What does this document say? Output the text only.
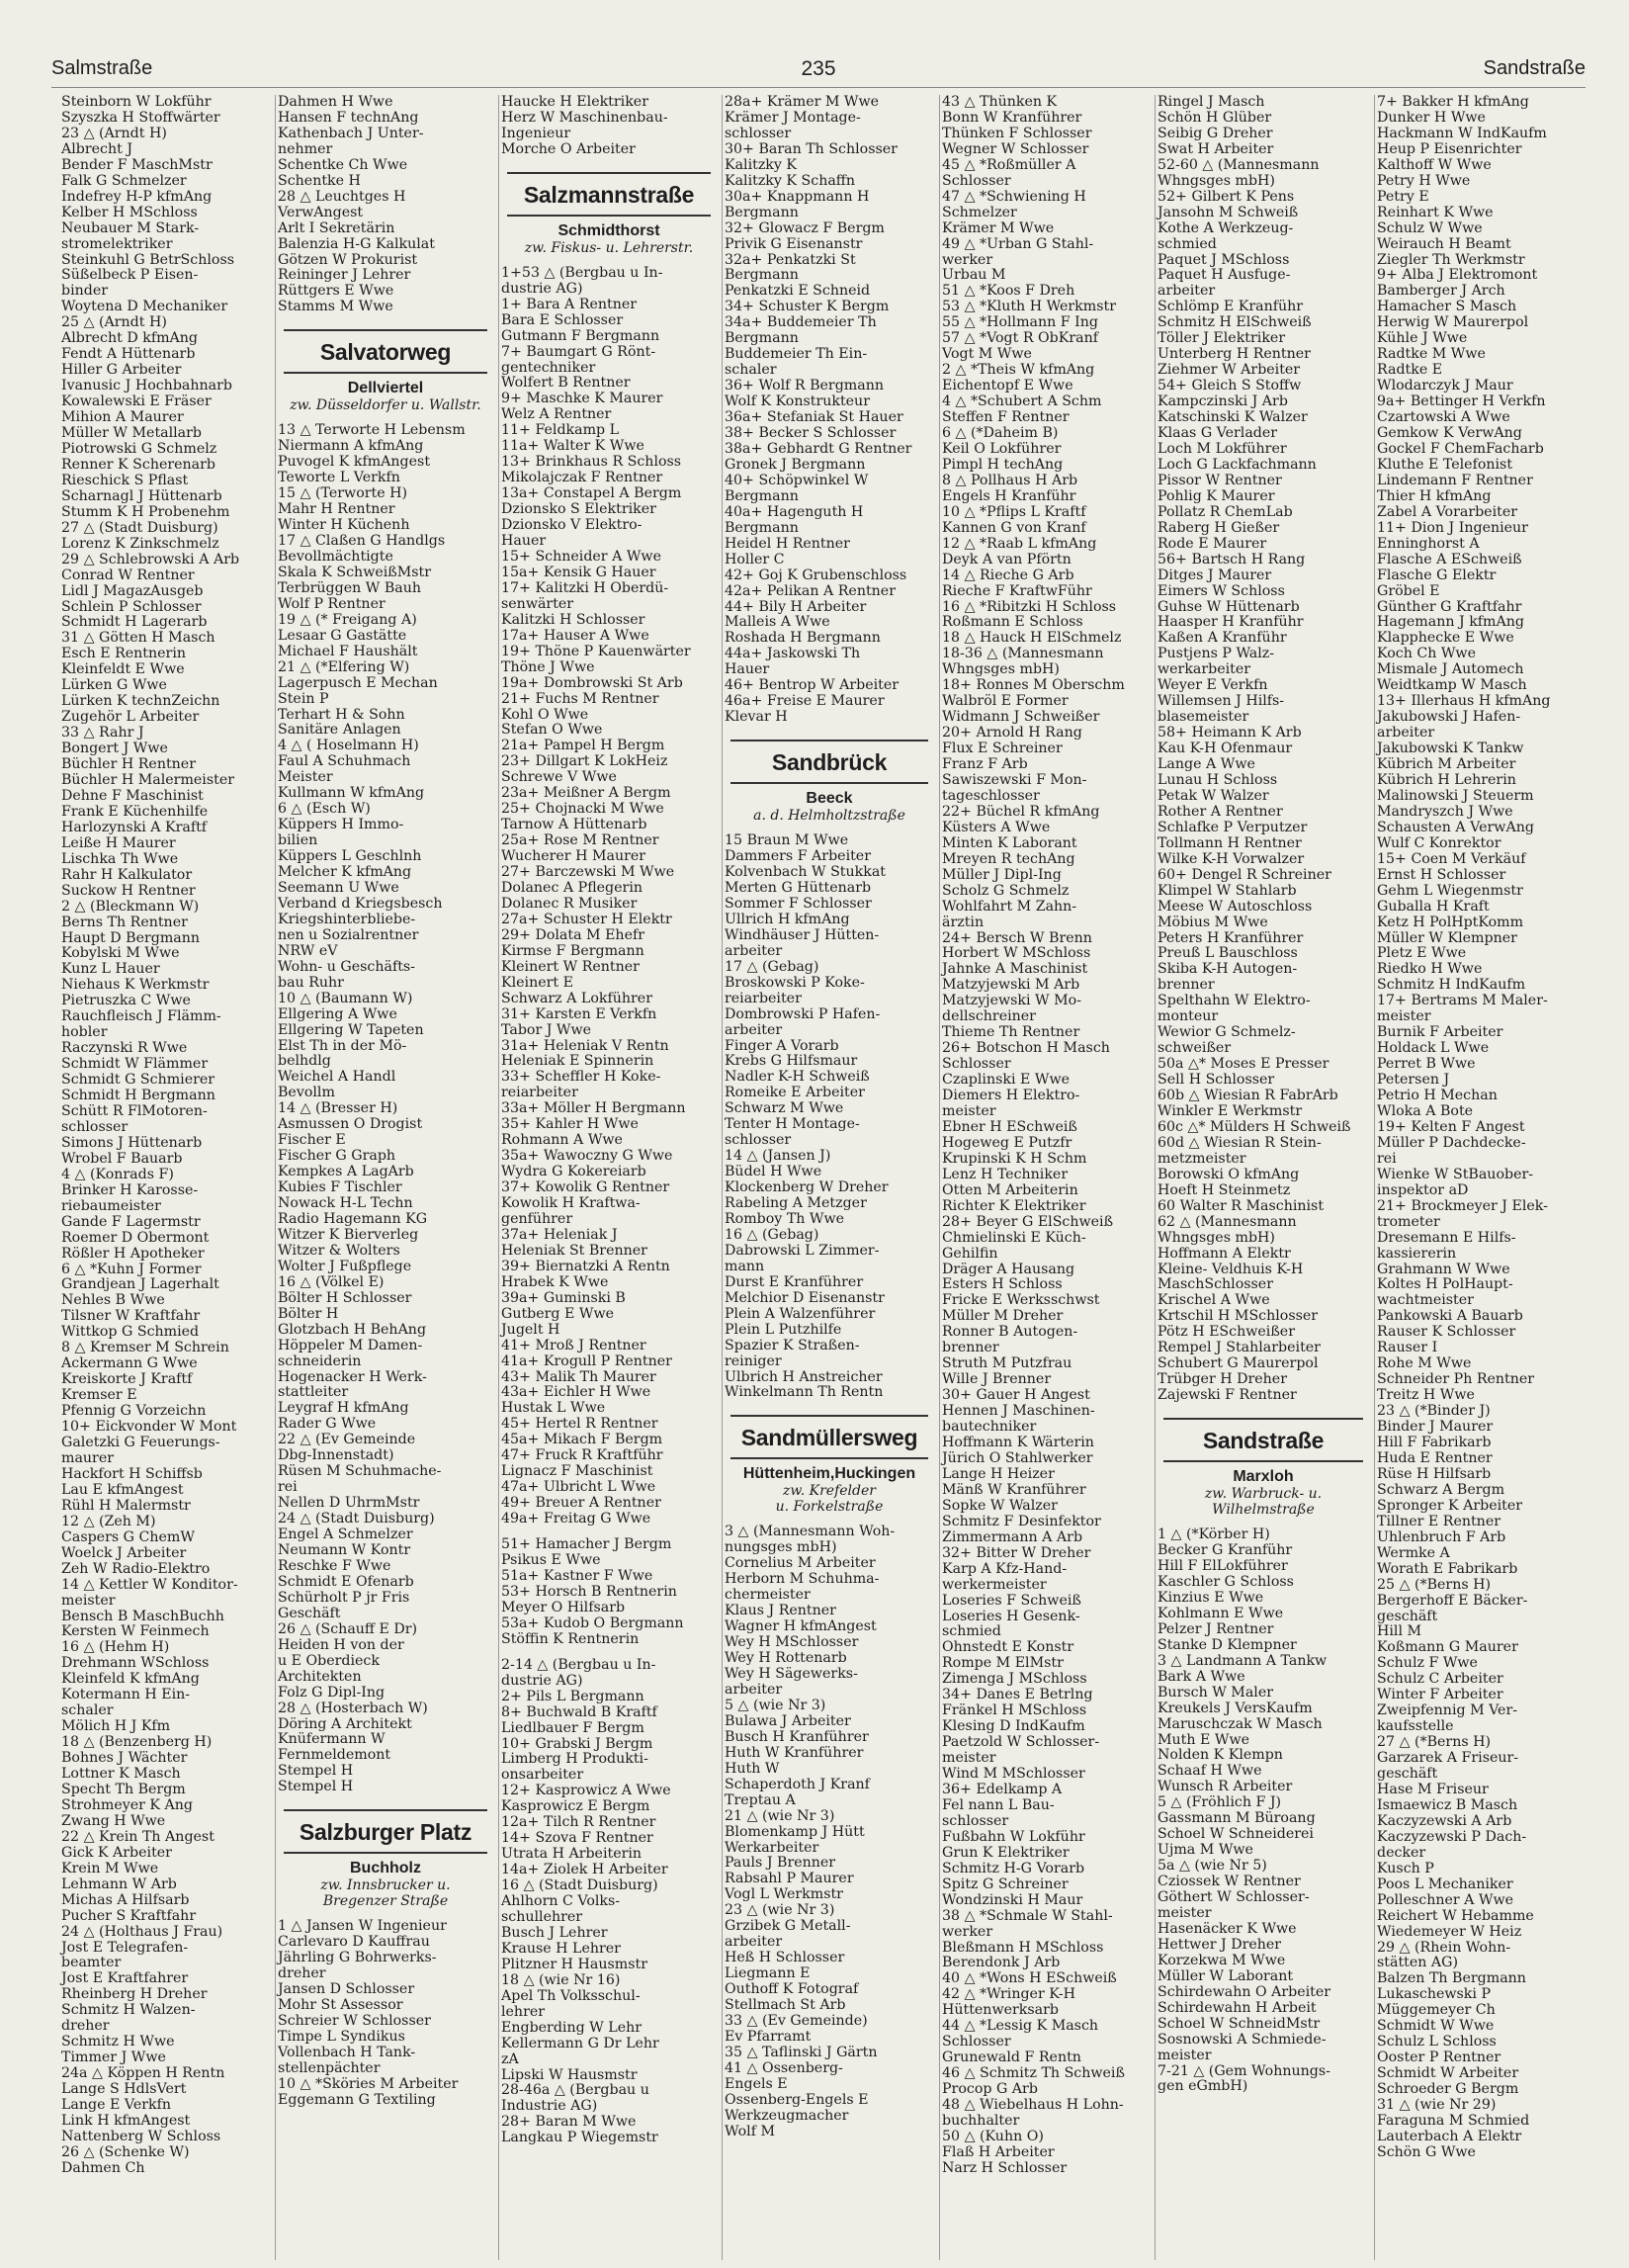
Salmstraße	235	Sandstraße
Steinborn W Lokführ
Szyszka H Stoffwärter
23 △ (Arndt H)
Albrecht J
Bender F MaschMstr
Falk G Schmelzer
Indefrey H-P kfmAng
Kelber H MSchloss
Neubauer M Stark-
stromelektriker
Steinkuhl G BetrSchloss
Süßelbeck P Eisen-
binder
Woytena D Mechaniker
25 △ (Arndt H)
Albrecht D kfmAng
Fendt A Hüttenarb
Hiller G Arbeiter
Ivanusic J Hochbahnarb
Kowalewski E Fräser
Mihion A Maurer
Müller W Metallarb
Piotrowski G Schmelz
Renner K Scherenarb
Rieschick S Pflast
Scharnagl J Hüttenarb
Stumm K H Probenehm
27 △ (Stadt Duisburg)
Lorenz K Zinkschmelz
29 △ Schlebrowski A Arb
Conrad W Rentner
Lidl J MagazAusgeb
Schlein P Schlosser
Schmidt H Lagerarb
31 △ Götten H Masch
Esch E Rentnerin
Kleinfeldt E Wwe
Lürken G Wwe
Lürken K technZeichn
Zugehör L Arbeiter
33 △ Rahr J
Bongert J Wwe
Büchler H Rentner
Büchler H Malermeister
Dehne F Maschinist
Frank E Küchenhilfe
Harlozynski A Kraftf
Leiße H Maurer
Lischka Th Wwe
Rahr H Kalkulator
Suckow H Rentner
2 △ (Bleckmann W)
Berns Th Rentner
Haupt D Bergmann
Kobylski M Wwe
Kunz L Hauer
Niehaus K Werkmstr
Pietruszka C Wwe
Rauchfleisch J Flämm-
hobler
Raczynski R Wwe
Schmidt W Flämmer
Schmidt G Schmierer
Schmidt H Bergmann
Schütt R FlMotoren-
schlosser
Simons J Hüttenarb
Wrobel F Bauarb
4 △ (Konrads F)
Brinker H Karosse-
riebaumeister
Gande F Lagermstr
Roemer D Obermont
Rößler H Apotheker
6 △ *Kuhn J Former
Grandjean J Lagerhalt
Nehles B Wwe
Tilsner W Kraftfahr
Wittkop G Schmied
8 △ Kremser M Schrein
Ackermann G Wwe
Kreiskorte J Kraftf
Kremser E
Pfennig G Vorzeichn
10+ Eickvonder W Mont
Galetzki G Feuerungs-
maurer
Hackfort H Schiffsb
Lau E kfmAngest
Rühl H Malermstr
12 △ (Zeh M)
Caspers G ChemW
Woelck J Arbeiter
Zeh W Radio-Elektro
14 △ Kettler W Konditor-
meister
Bensch B MaschBuchh
Kersten W Feinmech
16 △ (Hehm H)
Drehmann WSchloss
Kleinfeld K kfmAng
Kotermann H Ein-
schaler
Mölich H J Kfm
18 △ (Benzenberg H)
Bohnes J Wächter
Lottner K Masch
Specht Th Bergm
Strohmeyer K Ang
Zwang H Wwe
22 △ Krein Th Angest
Gick K Arbeiter
Krein M Wwe
Lehmann W Arb
Michas A Hilfsarb
Pucher S Kraftfahr
24 △ (Holthaus J Frau)
Jost E Telegrafen-
beamter
Jost E Kraftfahrer
Rheinberg H Dreher
Schmitz H Walzen-
dreher
Schmitz H Wwe
Timmer J Wwe
24a △ Köppen H Rentn
Lange S HdlsVert
Lange E Verkfn
Link H kfmAngest
Nattenberg W Schloss
26 △ (Schenke W)
Dahmen Ch
Dahmen H Wwe
Hansen F technAng
Kathenbach J Unter-
nehmer
Schentke Ch Wwe
Schentke H
28 △ Leuchtges H
VerwAngest
Arlt I Sekretärin
Balenzia H-G Kalkulat
Götzen W Prokurist
Reininger J Lehrer
Rüttgers E Wwe
Stamms M Wwe
Salvatorweg
Dellviertel
zw. Düsseldorfer u. Wallstr.
13 △ Terworte H Lebensm
Niermann A kfmAng
Puvogel K kfmAngest
Teworte L Verkfn
15 △ (Terworte H)
Mahr H Rentner
Winter H Küchenh
17 △ Claßen G Handlgs
Bevollmächtigte
Skala K SchweißMstr
Terbrüggen W Bauh
Wolf P Rentner
19 △ (* Freigang A)
Lesaar G Gastätte
Michael F Haushält
21 △ (*Elfering W)
Lagerpusch E Mechan
Stein P
Terhart H & Sohn
Sanitäre Anlagen
4 △ ( Hoselmann H)
Faul A Schuhmach
Meister
Kullmann W kfmAng
6 △ (Esch W)
Küppers H Immo-
bilien
Küppers L Geschlnh
Melcher K kfmAng
Seemann U Wwe
Verband d Kriegsbesch
Kriegshinterbliebe-
nen u Sozialrentner
NRW eV
Wohn- u Geschäfts-
bau Ruhr
10 △ (Baumann W)
Ellgering A Wwe
Ellgering W Tapeten
Elst Th in der Mö-
belhdlg
Weichel A Handl
Bevollm
14 △ (Bresser H)
Asmussen O Drogist
Fischer E
Fischer G Graph
Kempkes A LagArb
Kubies F Tischler
Nowack H-L Techn
Radio Hagemann KG
Witzer K Bierverleg
Witzer & Wolters
Wolter J Fußpflege
16 △ (Völkel E)
Bölter H Schlosser
Bölter H
Glotzbach H BehAng
Höppeler M Damen-
schneiderin
Hogenacker H Werk-
stattleiter
Leygraf H kfmAng
Rader G Wwe
22 △ (Ev Gemeinde
Dbg-Innenstadt)
Rüsen M Schuhmache-
rei
Nellen D UhrmMstr
24 △ (Stadt Duisburg)
Engel A Schmelzer
Neumann W Kontr
Reschke F Wwe
Schmidt E Ofenarb
Schürholt P jr Fris
Geschäft
26 △ (Schauff E Dr)
Heiden H von der
u E Oberdieck
Architekten
Folz G Dipl-Ing
28 △ (Hosterbach W)
Döring A Architekt
Knüfermann W
Fernmeldemont
Stempel H
Stempel H
Salzburger Platz
Buchholz
zw. Innsbrucker u.
Bregenzer Straße
1 △ Jansen W Ingenieur
Carlevaro D Kauffrau
Jährling G Bohrwerks-
dreher
Jansen D Schlosser
Mohr St Assessor
Schreier W Schlosser
Timpe L Syndikus
Vollenbach H Tank-
stellenpächter
10 △ *Sköries M Arbeiter
Eggemann G Textiling
Haucke H Elektriker
Herz W Maschinenbau-
Ingenieur
Morche O Arbeiter
Salzmannstraße
Schmidthorst
zw. Fiskus- u. Lehrerstr.
1+53 △ (Bergbau u In-
dustrie AG)
1+ Bara A Rentner
Bara E Schlosser
Gutmann F Bergmann
7+ Baumgart G Rönt-
gentechniker
Wolfert B Rentner
9+ Maschke K Maurer
Welz A Rentner
11+ Feldkamp L
11a+ Walter K Wwe
13+ Brinkhaus R Schloss
Mikolajczak F Rentner
13a+ Constapel A Bergm
Dzionsko S Elektriker
Dzionsko V Elektro-
Hauer
15+ Schneider A Wwe
15a+ Kensik G Hauer
17+ Kalitzki H Oberdü-
senwärter
Kalitzki H Schlosser
17a+ Hauser A Wwe
19+ Thöne P Kauenwärter
Thöne J Wwe
19a+ Dombrowski St Arb
21+ Fuchs M Rentner
Kohl O Wwe
Stefan O Wwe
21a+ Pampel H Bergm
23+ Dillgart K LokHeiz
Schrewe V Wwe
23a+ Meißner A Bergm
25+ Chojnacki M Wwe
Tarnow A Hüttenarb
25a+ Rose M Rentner
Wucherer H Maurer
27+ Barczewski M Wwe
Dolanec A Pflegerin
Dolanec R Musiker
27a+ Schuster H Elektr
29+ Dolata M Ehefr
Kirmse F Bergmann
Kleinert W Rentner
Kleinert E
Schwarz A Lokführer
31+ Karsten E Verkfn
Tabor J Wwe
31a+ Heleniak V Rentn
Heleniak E Spinnerin
33+ Scheffler H Koke-
reiarbeiter
33a+ Möller H Bergmann
35+ Kahler H Wwe
Rohmann A Wwe
35a+ Wawoczny G Wwe
Wydra G Kokereiarb
37+ Kowolik G Rentner
Kowolik H Kraftwa-
genführer
37a+ Heleniak J
Heleniak St Brenner
39+ Biernatzki A Rentn
Hrabek K Wwe
39a+ Guminski B
Gutberg E Wwe
Jugelt H
41+ Mroß J Rentner
41a+ Krogull P Rentner
43+ Malik Th Maurer
43a+ Eichler H Wwe
Hustak L Wwe
45+ Hertel R Rentner
45a+ Mikach F Bergm
47+ Fruck R Kraftführ
Lignacz F Maschinist
47a+ Ulbricht L Wwe
49+ Breuer A Rentner
49a+ Freitag G Wwe
51+ Hamacher J Bergm
Psikus E Wwe
51a+ Kastner F Wwe
53+ Horsch B Rentnerin
Meyer O Hilfsarb
53a+ Kudob O Bergmann
Stöffin K Rentnerin
2-14 △ (Bergbau u In-
dustrie AG)
2+ Pils L Bergmann
8+ Buchwald B Kraftf
Liedlbauer F Bergm
10+ Grabski J Bergm
Limberg H Produkti-
onsarbeiter
12+ Kasprowicz A Wwe
Kasprowicz E Bergm
12a+ Tilch R Rentner
14+ Szova F Rentner
Utrata H Arbeiterin
14a+ Ziolek H Arbeiter
16 △ (Stadt Duisburg)
Ahlhorn C Volks-
schullehrer
Busch J Lehrer
Krause H Lehrer
Plitzner H Hausmstr
18 △ (wie Nr 16)
Apel Th Volksschul-
lehrer
Engberding W Lehr
Kellermann G Dr Lehr
zA
Lipski W Hausmstr
28-46a △ (Bergbau u
Industrie AG)
28+ Baran M Wwe
Langkau P Wiegemstr
28a+ Krämer M Wwe
Krämer J Montage-
schlosser
30+ Baran Th Schlosser
Kalitzky K
Kalitzky K Schaffn
30a+ Knappmann H
Bergmann
32+ Glowacz F Bergm
Privik G Eisenanstr
32a+ Penkatzki St
Bergmann
Penkatzki E Schneid
34+ Schuster K Bergm
34a+ Buddemeier Th
Bergmann
Buddemeier Th Ein-
schaler
36+ Wolf R Bergmann
Wolf K Konstrukteur
36a+ Stefaniak St Hauer
38+ Becker S Schlosser
38a+ Gebhardt G Rentner
Gronek J Bergmann
40+ Schöpwinkel W
Bergmann
40a+ Hagenguth H
Bergmann
Heidel H Rentner
Holler C
42+ Goj K Grubenschloss
42a+ Pelikan A Rentner
44+ Bily H Arbeiter
Malleis A Wwe
Roshada H Bergmann
44a+ Jaskowski Th
Hauer
46+ Bentrop W Arbeiter
46a+ Freise E Maurer
Klevar H
Sandbrück
Beeck
a. d. Helmholtzstraße
15 Braun M Wwe
Dammers F Arbeiter
Kolvenbach W Stukkat
Merten G Hüttenarb
Sommer F Schlosser
Ullrich H kfmAng
Windhäuser J Hütten-
arbeiter
17 △ (Gebag)
Broskowski P Koke-
reiarbeiter
Dombrowski P Hafen-
arbeiter
Finger A Vorarb
Krebs G Hilfsmaur
Nadler K-H Schweiß
Romeike E Arbeiter
Schwarz M Wwe
Tenter H Montage-
schlosser
14 △ (Jansen J)
Büdel H Wwe
Klockenberg W Dreher
Rabeling A Metzger
Romboy Th Wwe
16 △ (Gebag)
Dabrowski L Zimmer-
mann
Durst E Kranführer
Melchior D Eisenanstr
Plein A Walzenführer
Plein L Putzhilfe
Spazier K Straßen-
reiniger
Ulbrich H Anstreicher
Winkelmann Th Rentn
Sandmüllersweg
Hüttenheim,Huckingen
zw. Krefelder
u. Forkelstraße
3 △ (Mannesmann Woh-
nungsges mbH)
Cornelius M Arbeiter
Herborn M Schuhma-
chermeister
Klaus J Rentner
Wagner H kfmAngest
Wey H MSchlosser
Wey H Rottenarb
Wey H Sägewerks-
arbeiter
5 △ (wie Nr 3)
Bulawa J Arbeiter
Busch H Kranführer
Huth W Kranführer
Huth W
Schaperdoth J Kranf
Treptau A
21 △ (wie Nr 3)
Blomenkamp J Hütt
Werkarbeiter
Pauls J Brenner
Rabsahl P Maurer
Vogl L Werkmstr
23 △ (wie Nr 3)
Grzibek G Metall-
arbeiter
Heß H Schlosser
Liegmann E
Outhoff K Fotograf
Stellmach St Arb
33 △ (Ev Gemeinde)
Ev Pfarramt
35 △ Taflinski J Gärtn
41 △ Ossenberg-
Engels E
Ossenberg-Engels E
Werkzeugmacher
Wolf M
43 △ Thünken K
Bonn W Kranführer
Thünken F Schlosser
Wegner W Schlosser
45 △ *Roßmüller A
Schlosser
47 △ *Schwiening H
Schmelzer
Krämer M Wwe
49 △ *Urban G Stahl-
werker
Urbau M
51 △ *Koos F Dreh
53 △ *Kluth H Werkmstr
55 △ *Hollmann F Ing
57 △ *Vogt R ObKranf
Vogt M Wwe
2 △ *Theis W kfmAng
Eichentopf E Wwe
4 △ *Schubert A Schm
Steffen F Rentner
6 △ (*Daheim B)
Keil O Lokführer
Pimpl H techAng
8 △ Pollhaus H Arb
Engels H Kranführ
10 △ *Pflips L Kraftf
Kannen G von Kranf
12 △ *Raab L kfmAng
Deyk A van Pförtn
14 △ Rieche G Arb
Rieche F KraftwFühr
16 △ *Ribitzki H Schloss
Roßmann E Schloss
18 △ Hauck H ElSchmelz
18-36 △ (Mannesmann
Whngsges mbH)
18+ Ronnes M Oberschm
Walbröl E Former
Widmann J Schweißer
20+ Arnold H Rang
Flux E Schreiner
Franz F Arb
Sawiszewski F Mon-
tageschlosser
22+ Büchel R kfmAng
Küsters A Wwe
Minten K Laborant
Mreyen R techAng
Müller J Dipl-Ing
Scholz G Schmelz
Wohlfahrt M Zahn-
ärztin
24+ Bersch W Brenn
Horbert W MSchloss
Jahnke A Maschinist
Matzyjewski M Arb
Matzyjewski W Mo-
dellschreiner
Thieme Th Rentner
26+ Botschon H Masch
Schlosser
Czaplinski E Wwe
Diemers H Elektro-
meister
Ebner H ESchweiß
Hogeweg E Putzfr
Krupinski K H Schm
Lenz H Techniker
Otten M Arbeiterin
Richter K Elektriker
28+ Beyer G ElSchweiß
Chmielinski E Küch-
Gehilfin
Dräger A Hausang
Esters H Schloss
Fricke E Werksschwst
Müller M Dreher
Ronner B Autogen-
brenner
Struth M Putzfrau
Wille J Brenner
30+ Gauer H Angest
Hennen J Maschinen-
bautechniker
Hoffmann K Wärterin
Jürich O Stahlwerker
Lange H Heizer
Mänß W Kranführer
Sopke W Walzer
Schmitz F Desinfektor
Zimmermann A Arb
32+ Bitter W Dreher
Karp A Kfz-Hand-
werkermeister
Loseries F Schweiß
Loseries H Gesenk-
schmied
Ohnstedt E Konstr
Rompe M ElMstr
Zimenga J MSchloss
34+ Danes E Betrlng
Fränkel H MSchloss
Klesing D IndKaufm
Paetzold W Schlosser-
meister
Wind M MSchlosser
36+ Edelkamp A
Fel nann L Bau-
schlosser
Fußbahn W Lokführ
Grun K Elektriker
Schmitz H-G Vorarb
Spitz G Schreiner
Wondzinski H Maur
38 △ *Schmale W Stahl-
werker
Bleßmann H MSchloss
Berendonk J Arb
40 △ *Wons H ESchweiß
42 △ *Wringer K-H
Hüttenwerksarb
44 △ *Lessig K Masch
Schlosser
Grunewald F Rentn
46 △ Schmitz Th Schweiß
Procop G Arb
48 △ Wiebelhaus H Lohn-
buchhalter
50 △ (Kuhn O)
Flaß H Arbeiter
Narz H Schlosser
Ringel J Masch
Schön H Glüber
Seibig G Dreher
Swat H Arbeiter
52-60 △ (Mannesmann
Whngsges mbH)
52+ Gilbert K Pens
Jansohn M Schweiß
Kothe A Werkzeug-
schmied
Paquet J MSchloss
Paquet H Ausfuge-
arbeiter
Schlömp E Kranführ
Schmitz H ElSchweiß
Töller J Elektriker
Unterberg H Rentner
Ziehmer W Arbeiter
54+ Gleich S Stoffw
Kampczinski J Arb
Katschinski K Walzer
Klaas G Verlader
Loch M Lokführer
Loch G Lackfachmann
Pissor W Rentner
Pohlig K Maurer
Pollatz R ChemLab
Raberg H Gießer
Rode E Maurer
56+ Bartsch H Rang
Ditges J Maurer
Eimers W Schloss
Guhse W Hüttenarb
Haasper H Kranführ
Kaßen A Kranführ
Pustjens P Walz-
werkarbeiter
Weyer E Verkfn
Willemsen J Hilfs-
blasemeister
58+ Heimann K Arb
Kau K-H Ofenmaur
Lange A Wwe
Lunau H Schloss
Petak W Walzer
Rother A Rentner
Schlafke P Verputzer
Tollmann H Rentner
Wilke K-H Vorwalzer
60+ Dengel R Schreiner
Klimpel W Stahlarb
Meese W Autoschloss
Möbius M Wwe
Peters H Kranführer
Preuß L Bauschloss
Skiba K-H Autogen-
brenner
Spelthahn W Elektro-
monteur
Wewior G Schmelz-
schweißer
50a △* Moses E Presser
Sell H Schlosser
60b △ Wiesian R FabrArb
Winkler E Werkmstr
60c △* Mülders H Schweiß
60d △ Wiesian R Stein-
metzmeister
Borowski O kfmAng
Hoeft H Steinmetz
60 Walter R Maschinist
62 △ (Mannesmann
Whngsges mbH)
Hoffmann A Elektr
Kleine- Veldhuis K-H
MaschSchlosser
Krischel A Wwe
Krtschil H MSchlosser
Pötz H ESchweißer
Rempel J Stahlarbeiter
Schubert G Maurerpol
Trübger H Dreher
Zajewski F Rentner
Sandstraße
Marxloh
zw. Warbruck- u.
Wilhelmstraße
1 △ (*Körber H)
Becker G Kranführ
Hill F ElLokführer
Kaschler G Schloss
Kinzius E Wwe
Kohlmann E Wwe
Pelzer J Rentner
Stanke D Klempner
3 △ Landmann A Tankw
Bark A Wwe
Bursch W Maler
Kreukels J VersKaufm
Maruschczak W Masch
Muth E Wwe
Nolden K Klempn
Schaaf H Wwe
Wunsch R Arbeiter
5 △ (Fröhlich F J)
Gassmann M Büroang
Schoel W Schneiderei
Ujma M Wwe
5a △ (wie Nr 5)
Cziossek W Rentner
Göthert W Schlosser-
meister
Hasenäcker K Wwe
Hettwer J Dreher
Korzekwa M Wwe
Müller W Laborant
Schirdewahn O Arbeiter
Schirdewahn H Arbeit
Schoel W SchneidMstr
Sosnowski A Schmiede-
meister
7-21 △ (Gem Wohnungs-
gen eGmbH)
7+ Bakker H kfmAng
Dunker H Wwe
Hackmann W IndKaufm
Heup P Eisenrichter
Kalthoff W Wwe
Petry H Wwe
Petry E
Reinhart K Wwe
Schulz W Wwe
Weirauch H Beamt
Ziegler Th Werkmstr
9+ Alba J Elektromont
Bamberger J Arch
Hamacher S Masch
Herwig W Maurerpol
Kühle J Wwe
Radtke M Wwe
Radtke E
Wlodarczyk J Maur
9a+ Bettinger H Verkfn
Czartowski A Wwe
Gemkow K VerwAng
Gockel F ChemFacharb
Kluthe E Telefonist
Lindemann F Rentner
Thier H kfmAng
Zabel A Vorarbeiter
11+ Dion J Ingenieur
Enninghorst A
Flasche A ESchweiß
Flasche G Elektr
Gröbel E
Günther G Kraftfahr
Hagemann J kfmAng
Klapphecke E Wwe
Koch Ch Wwe
Mismale J Automech
Weidtkamp W Masch
13+ Illerhaus H kfmAng
Jakubowski J Hafen-
arbeiter
Jakubowski K Tankw
Kübrich M Arbeiter
Kübrich H Lehrerin
Malinowski J Steuerm
Mandryszch J Wwe
Schausten A VerwAng
Wulf C Konrektor
15+ Coen M Verkäuf
Ernst H Schlosser
Gehm L Wiegenmstr
Guballa H Kraft
Ketz H PolHptKomm
Müller W Klempner
Pletz E Wwe
Riedko H Wwe
Schmitz H IndKaufm
17+ Bertrams M Maler-
meister
Burnik F Arbeiter
Holdack L Wwe
Perret B Wwe
Petersen J
Petrio H Mechan
Wloka A Bote
19+ Kelten F Angest
Müller P Dachdecke-
rei
Wienke W StBauober-
inspektor aD
21+ Brockmeyer J Elek-
trometer
Dresemann E Hilfs-
kassiererin
Grahmann W Wwe
Koltes H PolHaupt-
wachtmeister
Pankowski A Bauarb
Rauser K Schlosser
Rauser I
Rohe M Wwe
Schneider Ph Rentner
Treitz H Wwe
23 △ (*Binder J)
Binder J Maurer
Hill F Fabrikarb
Huda E Rentner
Rüse H Hilfsarb
Schwarz A Bergm
Spronger K Arbeiter
Tillner E Rentner
Uhlenbruch F Arb
Wermke A
Worath E Fabrikarb
25 △ (*Berns H)
Bergerhoff E Bäcker-
geschäft
Hill M
Koßmann G Maurer
Schulz F Wwe
Schulz C Arbeiter
Winter F Arbeiter
Zweipfennig M Ver-
kaufsstelle
27 △ (*Berns H)
Garzarek A Friseur-
geschäft
Hase M Friseur
Ismaewicz B Masch
Kaczyzewski A Arb
Kaczyzewski P Dach-
decker
Kusch P
Poos L Mechaniker
Polleschner A Wwe
Reichert W Hebamme
Wiedemeyer W Heiz
29 △ (Rhein Wohn-
stätten AG)
Balzen Th Bergmann
Lukaschewski P
Müggemeyer Ch
Schmidt W Wwe
Schulz L Schloss
Ooster P Rentner
Schmidt W Arbeiter
Schroeder G Bergm
31 △ (wie Nr 29)
Faraguna M Schmied
Lauterbach A Elektr
Schön G Wwe
